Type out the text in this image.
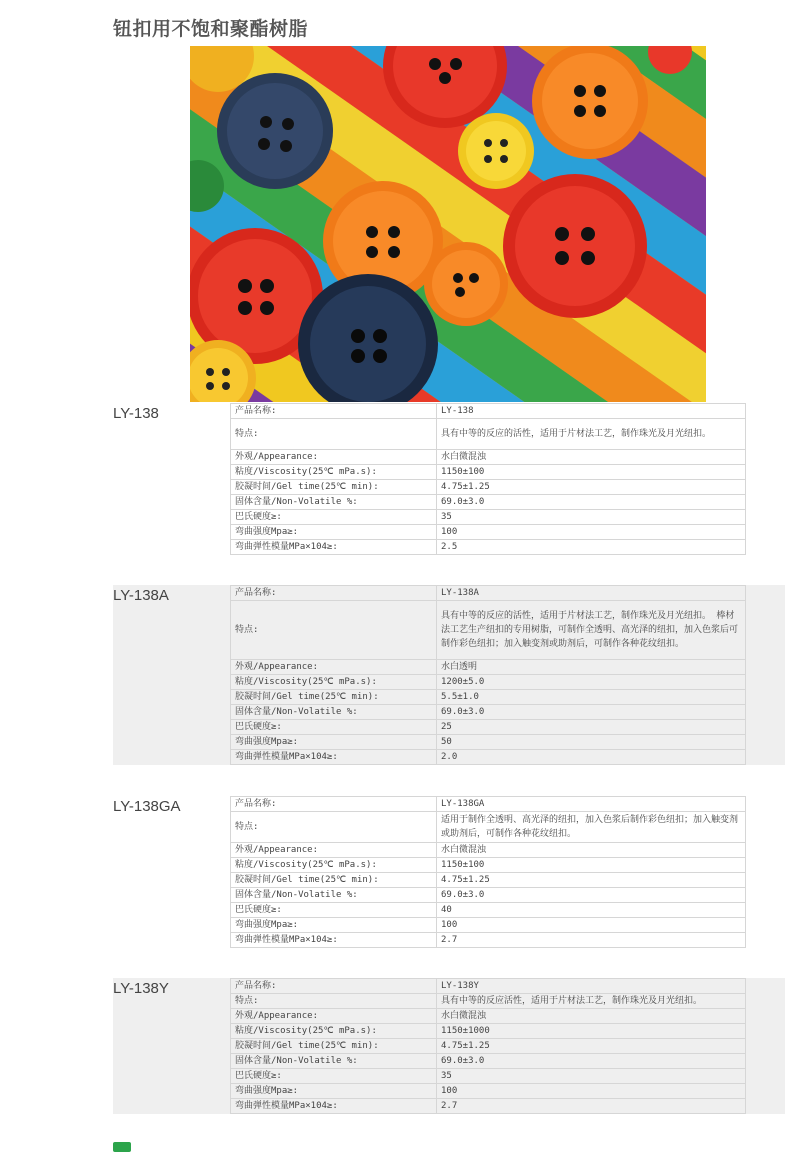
钮扣用不饱和聚酯树脂
LY-138	产品名称:	LY-138
特点:	具有中等的反应的活性，适用于片材法工艺，制作珠光及月光纽扣。
外观/Appearance:	水白微混浊
粘度/Viscosity(25℃ mPa.s):	1150±100
胶凝时间/Gel time(25℃ min):	4.75±1.25
固体含量/Non-Volatile %:	69.0±3.0
巴氏硬度≥:	35
弯曲强度Mpa≥:	100
弯曲弹性模量MPa×104≥:	2.5
LY-138A	产品名称:	LY-138A
特点:	具有中等的反应的活性，适用于片材法工艺，制作珠光及月光纽扣。 棒材法工艺生产纽扣的专用树脂，可制作全透明、高光泽的纽扣，加入色浆后可制作彩色纽扣；加入触变剂或助剂后，可制作各种花纹纽扣。
外观/Appearance:	水白透明
粘度/Viscosity(25℃ mPa.s):	1200±5.0
胶凝时间/Gel time(25℃ min):	5.5±1.0
固体含量/Non-Volatile %:	69.0±3.0
巴氏硬度≥:	25
弯曲强度Mpa≥:	50
弯曲弹性模量MPa×104≥:	2.0
LY-138GA	产品名称:	LY-138GA
特点:	适用于制作全透明、高光泽的纽扣，加入色浆后制作彩色纽扣；加入触变剂或助剂后，可制作各种花纹纽扣。
外观/Appearance:	水白微混浊
粘度/Viscosity(25℃ mPa.s):	1150±100
胶凝时间/Gel time(25℃ min):	4.75±1.25
固体含量/Non-Volatile %:	69.0±3.0
巴氏硬度≥:	40
弯曲强度Mpa≥:	100
弯曲弹性模量MPa×104≥:	2.7
LY-138Y	产品名称:	LY-138Y
特点:	具有中等的反应活性，适用于片材法工艺，制作珠光及月光纽扣。
外观/Appearance:	水白微混浊
粘度/Viscosity(25℃ mPa.s):	1150±1000
胶凝时间/Gel time(25℃ min):	4.75±1.25
固体含量/Non-Volatile %:	69.0±3.0
巴氏硬度≥:	35
弯曲强度Mpa≥:	100
弯曲弹性模量MPa×104≥:	2.7
